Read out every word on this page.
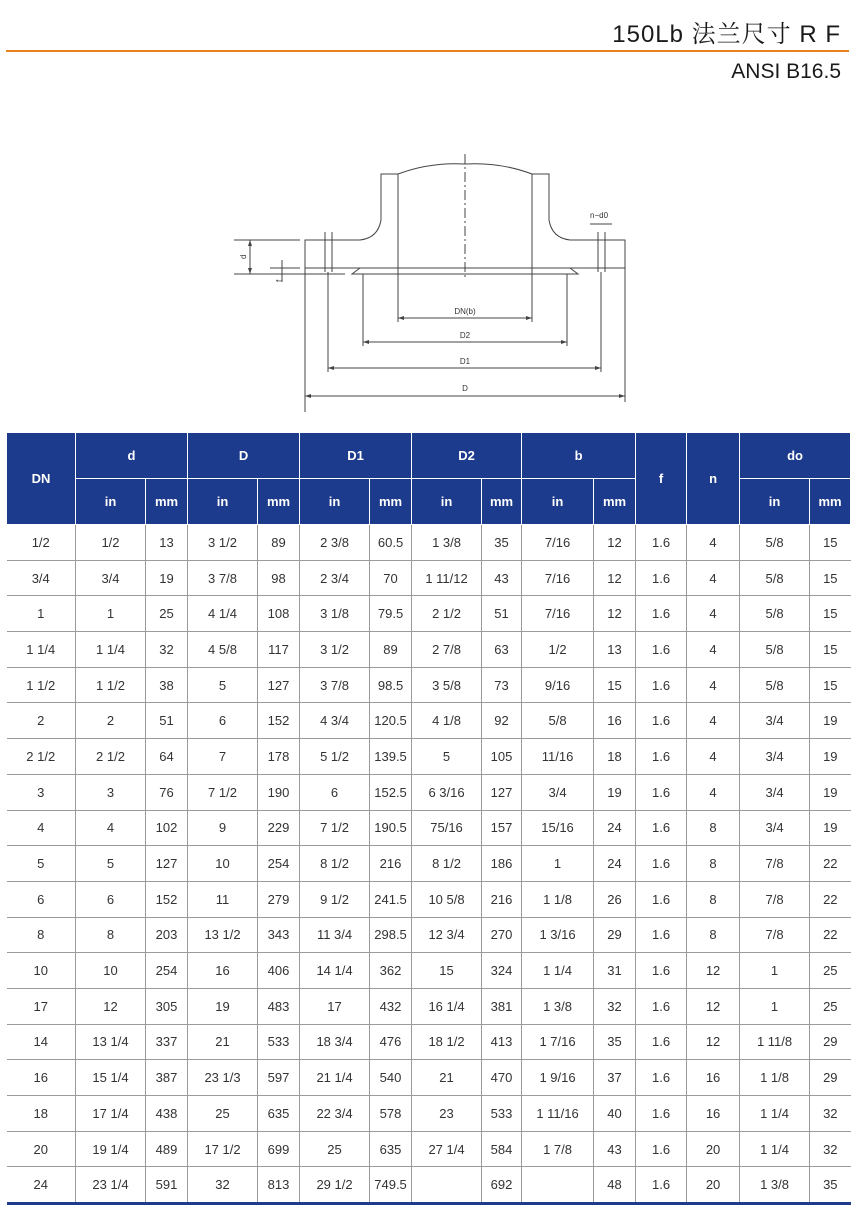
150Lb 法兰尺寸 R F
ANSI B16.5
n−d0
d
f
DN(b)
D2
D1
D
DN	d		D		D1		D2		b		f	n	do	
	in	mm	in	mm	in	mm	in	mm	in	mm			in	mm
1/2	1/2	13	3 1/2	89	2 3/8	60.5	1 3/8	35	7/16	12	1.6	4	5/8	15
3/4	3/4	19	3 7/8	98	2 3/4	70	1 11/12	43	7/16	12	1.6	4	5/8	15
1	1	25	4 1/4	108	3 1/8	79.5	2 1/2	51	7/16	12	1.6	4	5/8	15
1 1/4	1 1/4	32	4 5/8	117	3 1/2	89	2 7/8	63	1/2	13	1.6	4	5/8	15
1 1/2	1 1/2	38	5	127	3 7/8	98.5	3 5/8	73	9/16	15	1.6	4	5/8	15
2	2	51	6	152	4 3/4	120.5	4 1/8	92	5/8	16	1.6	4	3/4	19
2 1/2	2 1/2	64	7	178	5 1/2	139.5	5	105	11/16	18	1.6	4	3/4	19
3	3	76	7 1/2	190	6	152.5	6 3/16	127	3/4	19	1.6	4	3/4	19
4	4	102	9	229	7 1/2	190.5	75/16	157	15/16	24	1.6	8	3/4	19
5	5	127	10	254	8 1/2	216	8 1/2	186	1	24	1.6	8	7/8	22
6	6	152	11	279	9 1/2	241.5	10 5/8	216	1 1/8	26	1.6	8	7/8	22
8	8	203	13 1/2	343	11 3/4	298.5	12 3/4	270	1 3/16	29	1.6	8	7/8	22
10	10	254	16	406	14 1/4	362	15	324	1 1/4	31	1.6	12	1	25
17	12	305	19	483	17	432	16 1/4	381	1 3/8	32	1.6	12	1	25
14	13 1/4	337	21	533	18 3/4	476	18 1/2	413	1 7/16	35	1.6	12	1 11/8	29
16	15 1/4	387	23 1/3	597	21 1/4	540	21	470	1 9/16	37	1.6	16	1 1/8	29
18	17 1/4	438	25	635	22 3/4	578	23	533	1 11/16	40	1.6	16	1 1/4	32
20	19 1/4	489	17 1/2	699	25	635	27 1/4	584	1 7/8	43	1.6	20	1 1/4	32
24	23 1/4	591	32	813	29 1/2	749.5		692		48	1.6	20	1 3/8	35
